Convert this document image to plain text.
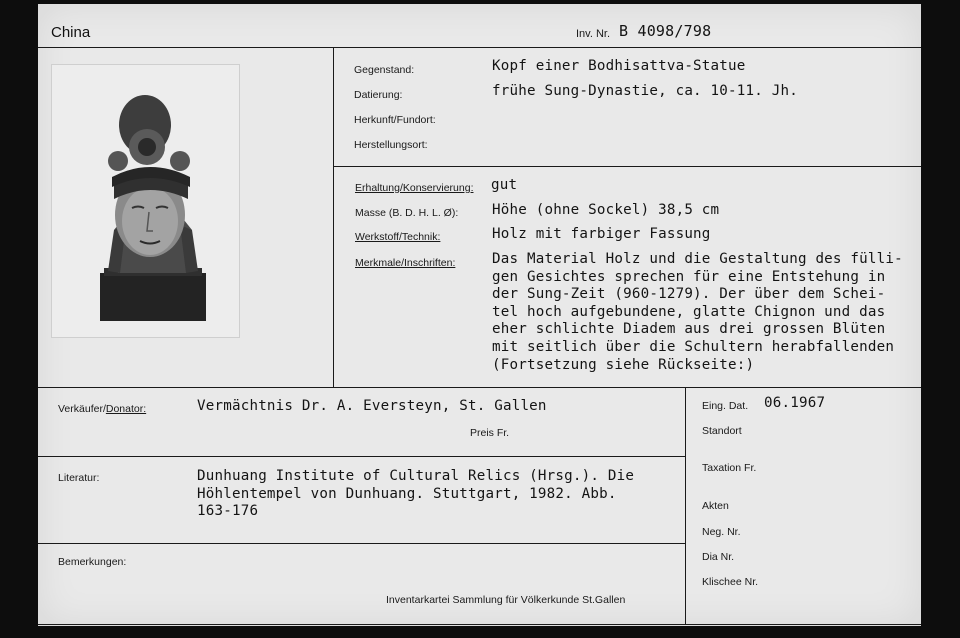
China	Inv. Nr. B 4098/798
Gegenstand:	Kopf einer Bodhisattva-Statue
Datierung:	frühe Sung-Dynastie, ca. 10-11. Jh.
Herkunft/Fundort:
Herstellungsort:
Erhaltung/Konservierung: gut
Masse (B. D. H. L. Ø): Höhe (ohne Sockel) 38,5 cm
Werkstoff/Technik:	Holz mit farbiger Fassung
Merkmale/Inschriften:	Das Material Holz und die Gestaltung des fülli-
gen Gesichtes sprechen für eine Entstehung in
der Sung-Zeit (960-1279). Der über dem Schei-
tel hoch aufgebundene, glatte Chignon und das
eher schlichte Diadem aus drei grossen Blüten
mit seitlich über die Schultern herabfallenden
(Fortsetzung siehe Rückseite:)
Verkäufer/Donator:	Vermächtnis Dr. A. Eversteyn, St. Gallen
Preis Fr.
Literatur:	Dunhuang Institute of Cultural Relics (Hrsg.). Die
Höhlentempel von Dunhuang. Stuttgart, 1982. Abb.
163-176
Bemerkungen:
Inventarkartei Sammlung für Völkerkunde St.Gallen
Eing. Dat. 06.1967
Standort
Taxation Fr.
Akten
Neg. Nr.
Dia Nr.
Klischee Nr.
